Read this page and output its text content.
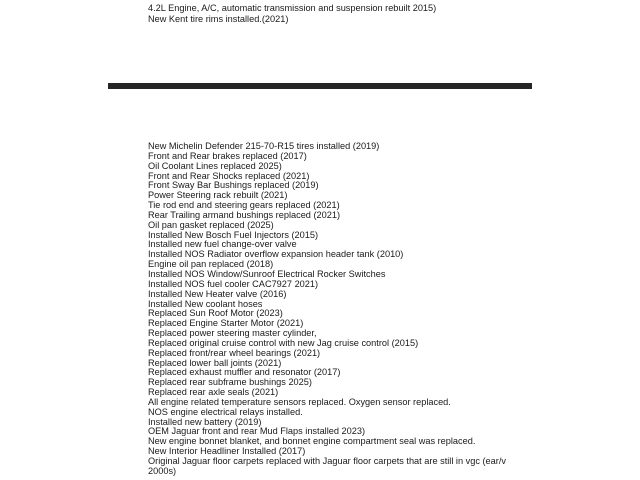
4.2L Engine, A/C, automatic transmission and suspension rebuilt 2015)
New Kent tire rims installed.(2021)
New Michelin Defender 215-70-R15 tires installed (2019)
Front and Rear brakes replaced (2017)
Oil Coolant Lines replaced 2025)
Front and Rear Shocks replaced (2021)
Front Sway Bar Bushings replaced (2019)
Power Steering rack rebuilt (2021)
Tie rod end and steering gears replaced (2021)
Rear Trailing armand bushings replaced (2021)
Oil pan gasket replaced (2025)
Installed New Bosch Fuel Injectors (2015)
Installed new fuel change-over valve
Installed NOS Radiator overflow expansion header tank (2010)
Engine oil pan replaced (2018)
Installed NOS Window/Sunroof Electrical Rocker Switches
Installed NOS fuel cooler CAC7927 2021)
Installed New Heater valve (2016)
Installed New coolant hoses
Replaced Sun Roof Motor (2023)
Replaced Engine Starter Motor (2021)
Replaced power steering master cylinder,
Replaced original cruise control with new Jag cruise control (2015)
Replaced front/rear wheel bearings (2021)
Replaced lower ball joints (2021)
Replaced exhaust muffler and resonator (2017)
Replaced rear subframe bushings 2025)
Replaced rear axle seals (2021)
All engine related temperature sensors replaced. Oxygen sensor replaced.
NOS engine electrical relays installed.
Installed new battery (2019)
OEM Jaguar front and rear Mud Flaps installed 2023)
New engine bonnet blanket, and bonnet engine compartment seal was replaced.
New Interior Headliner Installed (2017)
Original Jaguar floor carpets replaced with Jaguar floor carpets that are still in vgc (ear/v 2000s)
